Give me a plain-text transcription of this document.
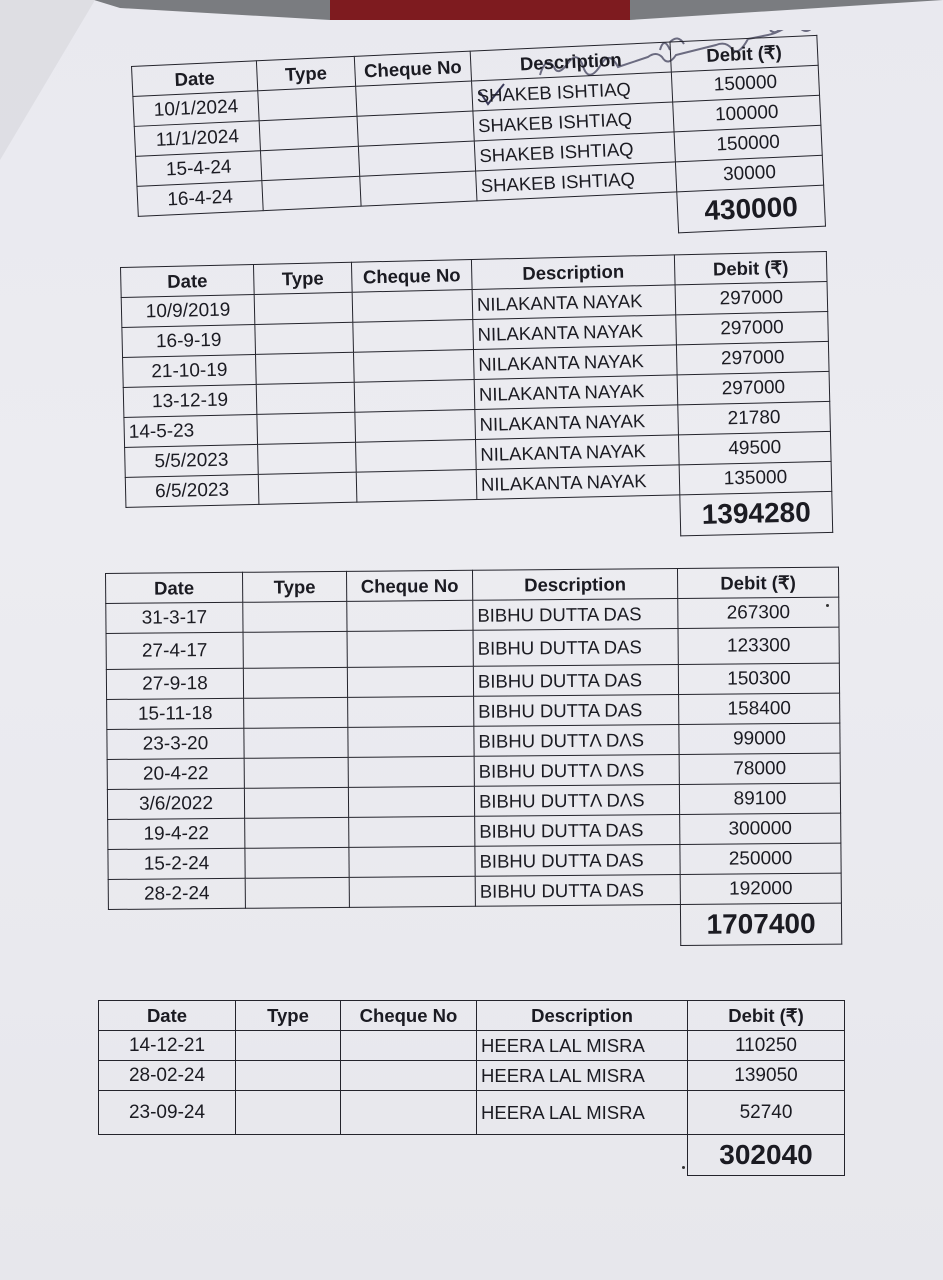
Date	Type	Cheque No	Description	Debit (₹)
10/1/2024			SHAKEB ISHTIAQ	150000
11/1/2024			SHAKEB ISHTIAQ	100000
15-4-24			SHAKEB ISHTIAQ	150000
16-4-24			SHAKEB ISHTIAQ	30000
				430000
Date	Type	Cheque No	Description	Debit (₹)
10/9/2019			NILAKANTA NAYAK	297000
16-9-19			NILAKANTA NAYAK	297000
21-10-19			NILAKANTA NAYAK	297000
13-12-19			NILAKANTA NAYAK	297000
14-5-23			NILAKANTA NAYAK	21780
5/5/2023			NILAKANTA NAYAK	49500
6/5/2023			NILAKANTA NAYAK	135000
				1394280
Date	Type	Cheque No	Description	Debit (₹)
31-3-17			BIBHU DUTTA DAS	267300
27-4-17			BIBHU DUTTA DAS	123300
27-9-18			BIBHU DUTTA DAS	150300
15-11-18			BIBHU DUTTA DAS	158400
23-3-20			BIBHU DUTTΛ DΛS	99000
20-4-22			BIBHU DUTTΛ DΛS	78000
3/6/2022			BIBHU DUTTΛ DΛS	89100
19-4-22			BIBHU DUTTA DAS	300000
15-2-24			BIBHU DUTTA DAS	250000
28-2-24			BIBHU DUTTA DAS	192000
				1707400
Date	Type	Cheque No	Description	Debit (₹)
14-12-21			HEERA LAL MISRA	110250
28-02-24			HEERA LAL MISRA	139050
23-09-24			HEERA LAL MISRA	52740
				302040
